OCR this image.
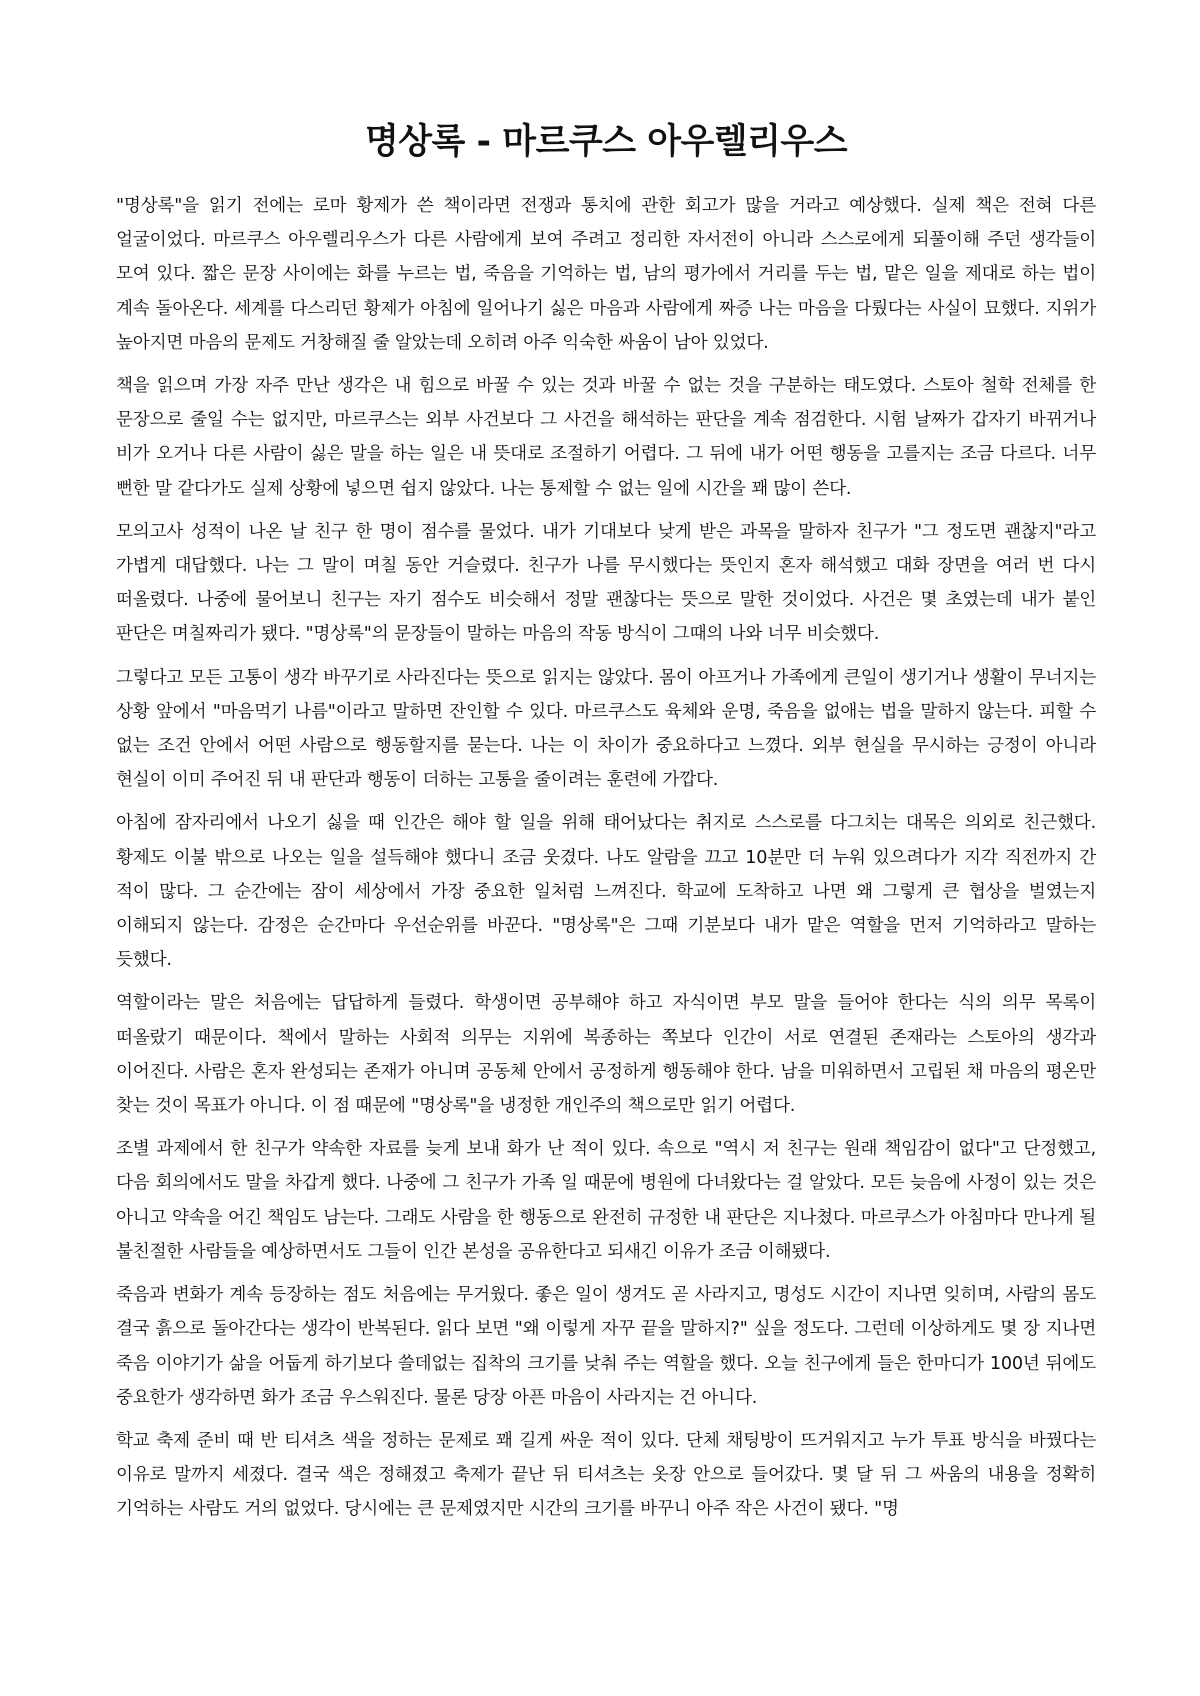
명상록 - 마르쿠스 아우렐리우스

"명상록"을 읽기 전에는 로마 황제가 쓴 책이라면 전쟁과 통치에 관한 회고가 많을 거라고 예상했다. 실제 책은 전혀 다른 얼굴이었다. 마르쿠스 아우렐리우스가 다른 사람에게 보여 주려고 정리한 자서전이 아니라 스스로에게 되풀이해 주던 생각들이 모여 있다. 짧은 문장 사이에는 화를 누르는 법, 죽음을 기억하는 법, 남의 평가에서 거리를 두는 법, 맡은 일을 제대로 하는 법이 계속 돌아온다. 세계를 다스리던 황제가 아침에 일어나기 싫은 마음과 사람에게 짜증 나는 마음을 다뤘다는 사실이 묘했다. 지위가 높아지면 마음의 문제도 거창해질 줄 알았는데 오히려 아주 익숙한 싸움이 남아 있었다.

책을 읽으며 가장 자주 만난 생각은 내 힘으로 바꿀 수 있는 것과 바꿀 수 없는 것을 구분하는 태도였다. 스토아 철학 전체를 한 문장으로 줄일 수는 없지만, 마르쿠스는 외부 사건보다 그 사건을 해석하는 판단을 계속 점검한다. 시험 날짜가 갑자기 바뀌거나 비가 오거나 다른 사람이 싫은 말을 하는 일은 내 뜻대로 조절하기 어렵다. 그 뒤에 내가 어떤 행동을 고를지는 조금 다르다. 너무 뻔한 말 같다가도 실제 상황에 넣으면 쉽지 않았다. 나는 통제할 수 없는 일에 시간을 꽤 많이 쓴다.

모의고사 성적이 나온 날 친구 한 명이 점수를 물었다. 내가 기대보다 낮게 받은 과목을 말하자 친구가 "그 정도면 괜찮지"라고 가볍게 대답했다. 나는 그 말이 며칠 동안 거슬렸다. 친구가 나를 무시했다는 뜻인지 혼자 해석했고 대화 장면을 여러 번 다시 떠올렸다. 나중에 물어보니 친구는 자기 점수도 비슷해서 정말 괜찮다는 뜻으로 말한 것이었다. 사건은 몇 초였는데 내가 붙인 판단은 며칠짜리가 됐다. "명상록"의 문장들이 말하는 마음의 작동 방식이 그때의 나와 너무 비슷했다.

그렇다고 모든 고통이 생각 바꾸기로 사라진다는 뜻으로 읽지는 않았다. 몸이 아프거나 가족에게 큰일이 생기거나 생활이 무너지는 상황 앞에서 "마음먹기 나름"이라고 말하면 잔인할 수 있다. 마르쿠스도 육체와 운명, 죽음을 없애는 법을 말하지 않는다. 피할 수 없는 조건 안에서 어떤 사람으로 행동할지를 묻는다. 나는 이 차이가 중요하다고 느꼈다. 외부 현실을 무시하는 긍정이 아니라 현실이 이미 주어진 뒤 내 판단과 행동이 더하는 고통을 줄이려는 훈련에 가깝다.

아침에 잠자리에서 나오기 싫을 때 인간은 해야 할 일을 위해 태어났다는 취지로 스스로를 다그치는 대목은 의외로 친근했다. 황제도 이불 밖으로 나오는 일을 설득해야 했다니 조금 웃겼다. 나도 알람을 끄고 10분만 더 누워 있으려다가 지각 직전까지 간 적이 많다. 그 순간에는 잠이 세상에서 가장 중요한 일처럼 느껴진다. 학교에 도착하고 나면 왜 그렇게 큰 협상을 벌였는지 이해되지 않는다. 감정은 순간마다 우선순위를 바꾼다. "명상록"은 그때 기분보다 내가 맡은 역할을 먼저 기억하라고 말하는 듯했다.

역할이라는 말은 처음에는 답답하게 들렸다. 학생이면 공부해야 하고 자식이면 부모 말을 들어야 한다는 식의 의무 목록이 떠올랐기 때문이다. 책에서 말하는 사회적 의무는 지위에 복종하는 쪽보다 인간이 서로 연결된 존재라는 스토아의 생각과 이어진다. 사람은 혼자 완성되는 존재가 아니며 공동체 안에서 공정하게 행동해야 한다. 남을 미워하면서 고립된 채 마음의 평온만 찾는 것이 목표가 아니다. 이 점 때문에 "명상록"을 냉정한 개인주의 책으로만 읽기 어렵다.

조별 과제에서 한 친구가 약속한 자료를 늦게 보내 화가 난 적이 있다. 속으로 "역시 저 친구는 원래 책임감이 없다"고 단정했고, 다음 회의에서도 말을 차갑게 했다. 나중에 그 친구가 가족 일 때문에 병원에 다녀왔다는 걸 알았다. 모든 늦음에 사정이 있는 것은 아니고 약속을 어긴 책임도 남는다. 그래도 사람을 한 행동으로 완전히 규정한 내 판단은 지나쳤다. 마르쿠스가 아침마다 만나게 될 불친절한 사람들을 예상하면서도 그들이 인간 본성을 공유한다고 되새긴 이유가 조금 이해됐다.

죽음과 변화가 계속 등장하는 점도 처음에는 무거웠다. 좋은 일이 생겨도 곧 사라지고, 명성도 시간이 지나면 잊히며, 사람의 몸도 결국 흙으로 돌아간다는 생각이 반복된다. 읽다 보면 "왜 이렇게 자꾸 끝을 말하지?" 싶을 정도다. 그런데 이상하게도 몇 장 지나면 죽음 이야기가 삶을 어둡게 하기보다 쓸데없는 집착의 크기를 낮춰 주는 역할을 했다. 오늘 친구에게 들은 한마디가 100년 뒤에도 중요한가 생각하면 화가 조금 우스워진다. 물론 당장 아픈 마음이 사라지는 건 아니다.

학교 축제 준비 때 반 티셔츠 색을 정하는 문제로 꽤 길게 싸운 적이 있다. 단체 채팅방이 뜨거워지고 누가 투표 방식을 바꿨다는 이유로 말까지 세졌다. 결국 색은 정해졌고 축제가 끝난 뒤 티셔츠는 옷장 안으로 들어갔다. 몇 달 뒤 그 싸움의 내용을 정확히 기억하는 사람도 거의 없었다. 당시에는 큰 문제였지만 시간의 크기를 바꾸니 아주 작은 사건이 됐다. "명
